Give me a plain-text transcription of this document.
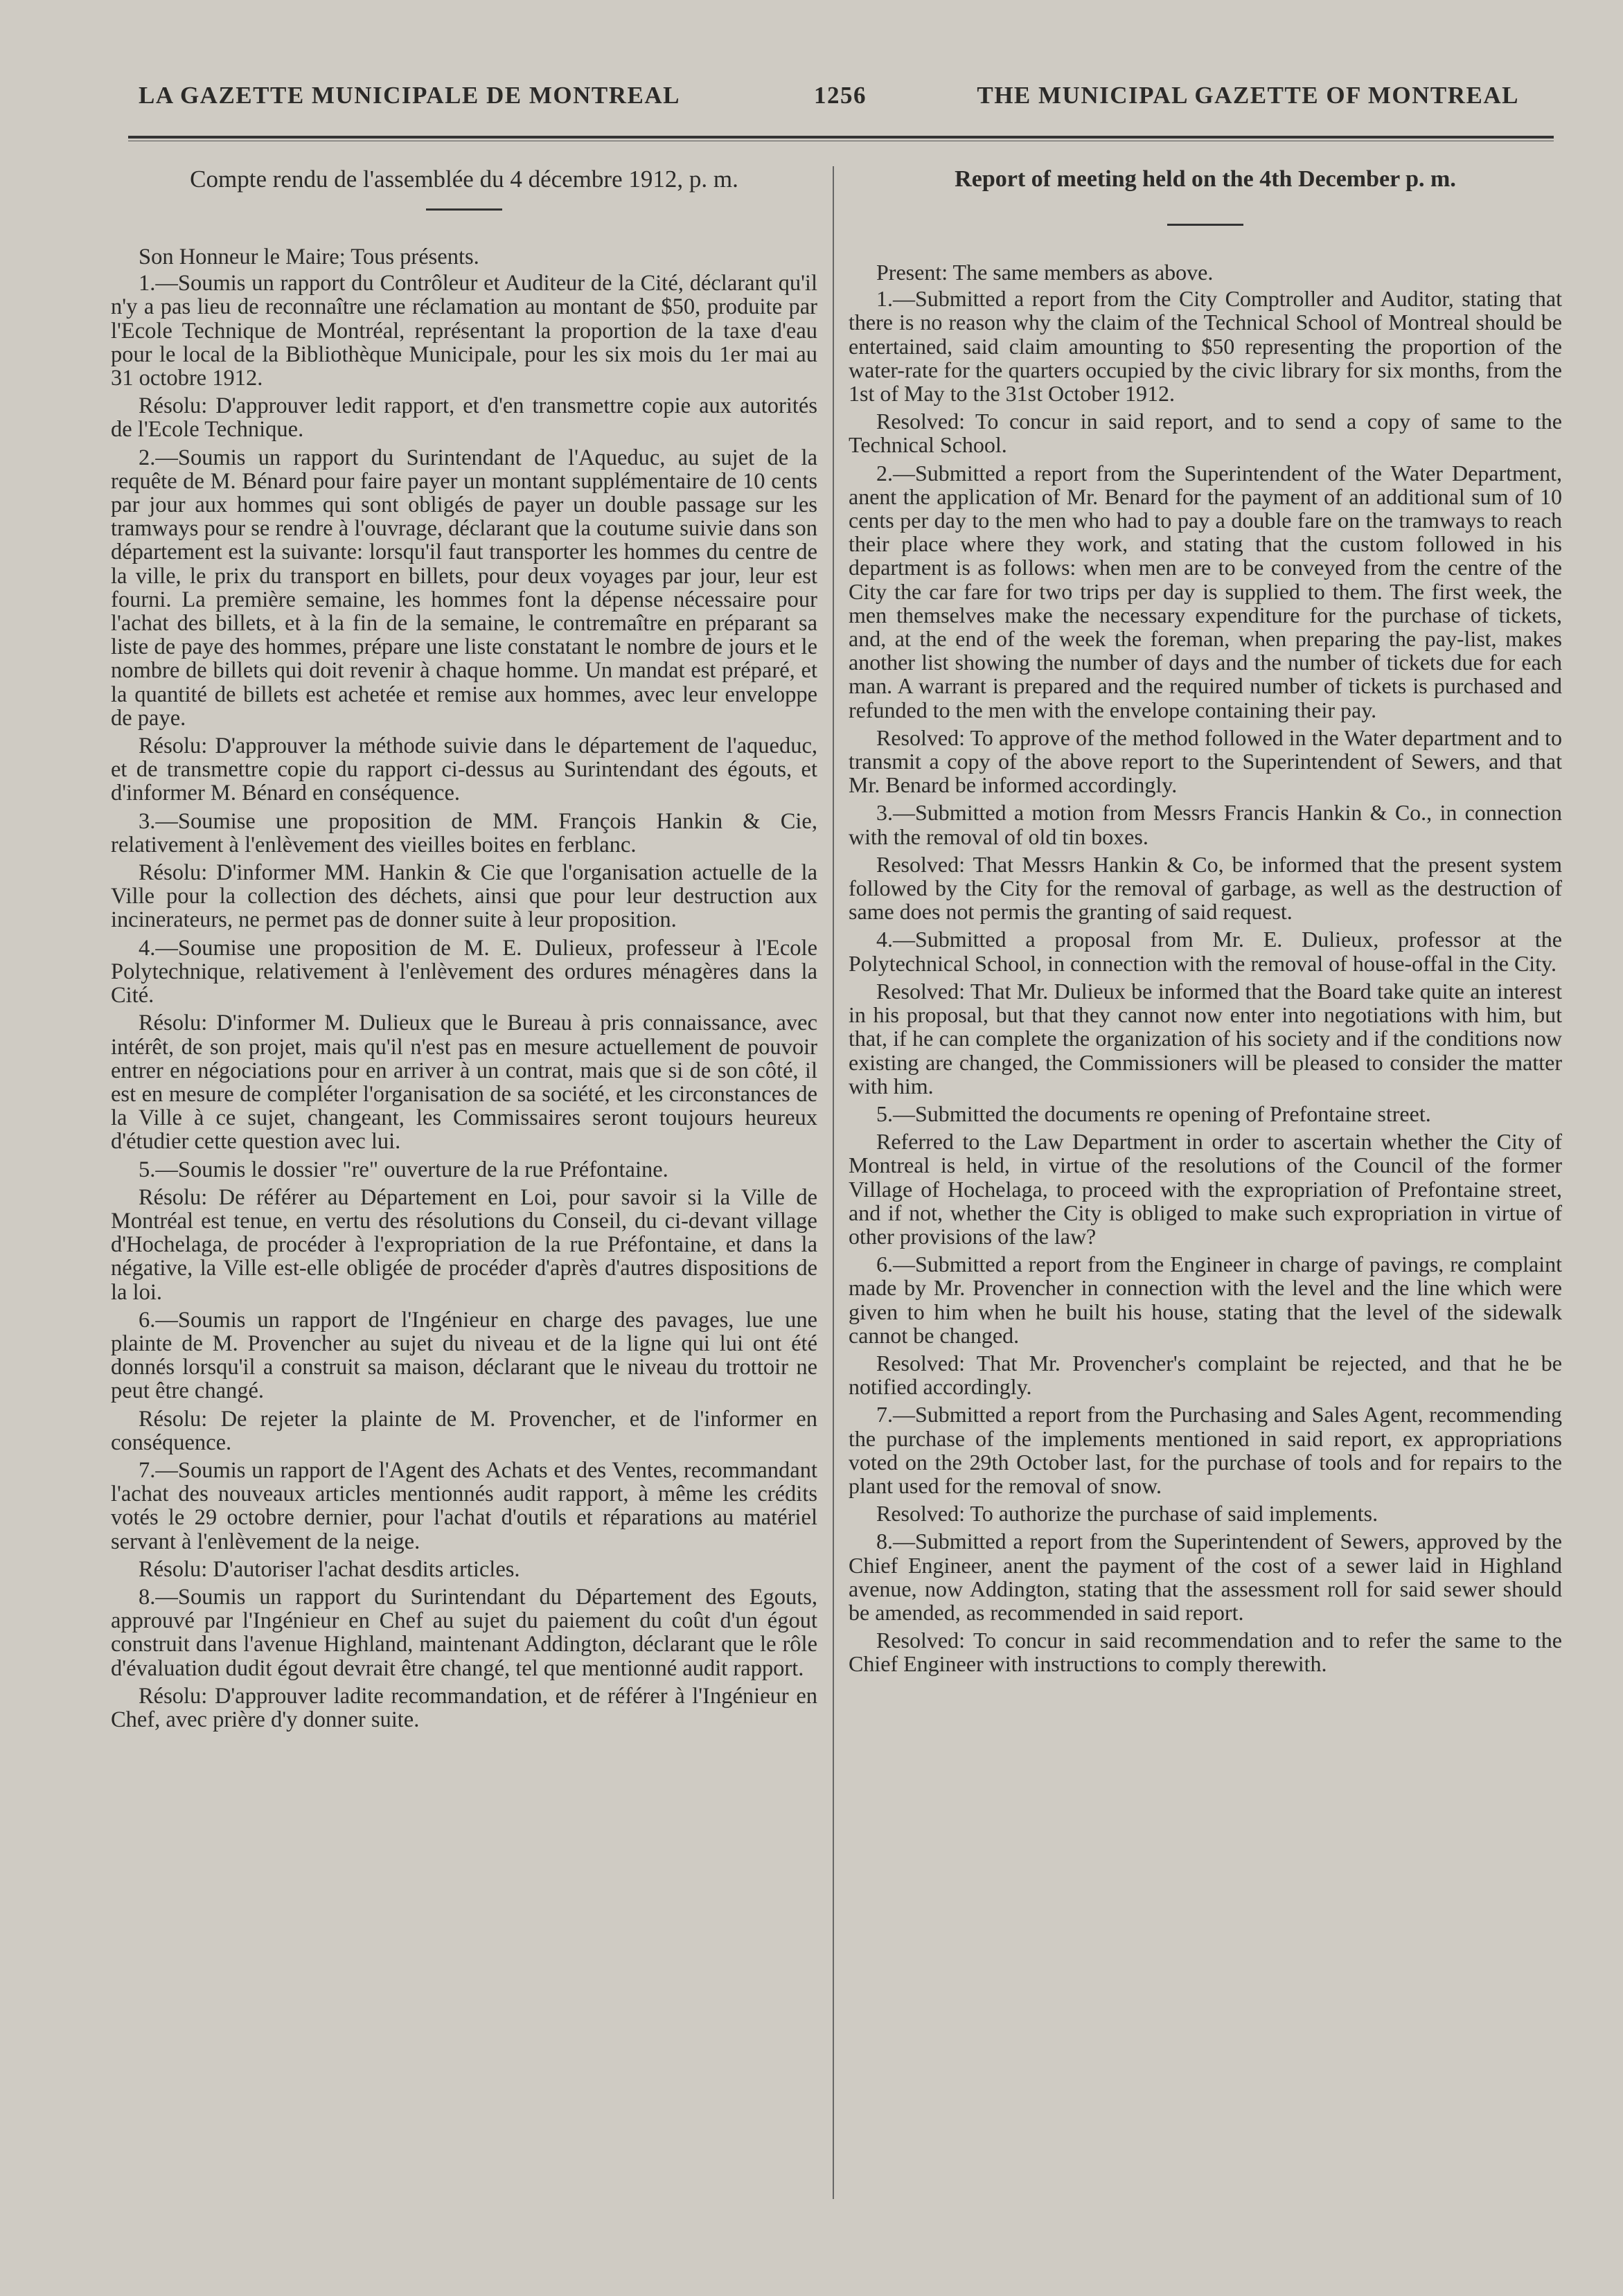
LA GAZETTE MUNICIPALE DE MONTREAL	1256	THE MUNICIPAL GAZETTE OF MONTREAL
Compte rendu de l'assemblée du 4 décembre 1912, p. m.

Son Honneur le Maire; Tous présents.

1.—Soumis un rapport du Contrôleur et Auditeur de la Cité, déclarant qu'il n'y a pas lieu de reconnaître une réclamation au montant de $50, produite par l'Ecole Technique de Montréal, représentant la proportion de la taxe d'eau pour le local de la Bibliothèque Municipale, pour les six mois du 1er mai au 31 octobre 1912.

Résolu: D'approuver ledit rapport, et d'en transmettre copie aux autorités de l'Ecole Technique.

2.—Soumis un rapport du Surintendant de l'Aqueduc, au sujet de la requête de M. Bénard pour faire payer un montant supplémentaire de 10 cents par jour aux hommes qui sont obligés de payer un double passage sur les tramways pour se rendre à l'ouvrage, déclarant que la coutume suivie dans son département est la suivante: lorsqu'il faut transporter les hommes du centre de la ville, le prix du transport en billets, pour deux voyages par jour, leur est fourni. La première semaine, les hommes font la dépense nécessaire pour l'achat des billets, et à la fin de la semaine, le contremaître en préparant sa liste de paye des hommes, prépare une liste constatant le nombre de jours et le nombre de billets qui doit revenir à chaque homme. Un mandat est préparé, et la quantité de billets est achetée et remise aux hommes, avec leur enveloppe de paye.

Résolu: D'approuver la méthode suivie dans le département de l'aqueduc, et de transmettre copie du rapport ci-dessus au Surintendant des égouts, et d'informer M. Bénard en conséquence.

3.—Soumise une proposition de MM. François Hankin & Cie, relativement à l'enlèvement des vieilles boites en ferblanc.

Résolu: D'informer MM. Hankin & Cie que l'organisation actuelle de la Ville pour la collection des déchets, ainsi que pour leur destruction aux incinerateurs, ne permet pas de donner suite à leur proposition.

4.—Soumise une proposition de M. E. Dulieux, professeur à l'Ecole Polytechnique, relativement à l'enlèvement des ordures ménagères dans la Cité.

Résolu: D'informer M. Dulieux que le Bureau à pris connaissance, avec intérêt, de son projet, mais qu'il n'est pas en mesure actuellement de pouvoir entrer en négociations pour en arriver à un contrat, mais que si de son côté, il est en mesure de compléter l'organisation de sa société, et les circonstances de la Ville à ce sujet, changeant, les Commissaires seront toujours heureux d'étudier cette question avec lui.

5.—Soumis le dossier "re" ouverture de la rue Préfontaine.

Résolu: De référer au Département en Loi, pour savoir si la Ville de Montréal est tenue, en vertu des résolutions du Conseil, du ci-devant village d'Hochelaga, de procéder à l'expropriation de la rue Préfontaine, et dans la négative, la Ville est-elle obligée de procéder d'après d'autres dispositions de la loi.

6.—Soumis un rapport de l'Ingénieur en charge des pavages, lue une plainte de M. Provencher au sujet du niveau et de la ligne qui lui ont été donnés lorsqu'il a construit sa maison, déclarant que le niveau du trottoir ne peut être changé.

Résolu: De rejeter la plainte de M. Provencher, et de l'informer en conséquence.

7.—Soumis un rapport de l'Agent des Achats et des Ventes, recommandant l'achat des nouveaux articles mentionnés audit rapport, à même les crédits votés le 29 octobre dernier, pour l'achat d'outils et réparations au matériel servant à l'enlèvement de la neige.

Résolu: D'autoriser l'achat desdits articles.

8.—Soumis un rapport du Surintendant du Département des Egouts, approuvé par l'Ingénieur en Chef au sujet du paiement du coût d'un égout construit dans l'avenue Highland, maintenant Addington, déclarant que le rôle d'évaluation dudit égout devrait être changé, tel que mentionné audit rapport.

Résolu: D'approuver ladite recommandation, et de référer à l'Ingénieur en Chef, avec prière d'y donner suite.

Report of meeting held on the 4th December p. m.

Present: The same members as above.

1.—Submitted a report from the City Comptroller and Auditor, stating that there is no reason why the claim of the Technical School of Montreal should be entertained, said claim amounting to $50 representing the proportion of the water-rate for the quarters occupied by the civic library for six months, from the 1st of May to the 31st October 1912.

Resolved: To concur in said report, and to send a copy of same to the Technical School.

2.—Submitted a report from the Superintendent of the Water Department, anent the application of Mr. Benard for the payment of an additional sum of 10 cents per day to the men who had to pay a double fare on the tramways to reach their place where they work, and stating that the custom followed in his department is as follows: when men are to be conveyed from the centre of the City the car fare for two trips per day is supplied to them. The first week, the men themselves make the necessary expenditure for the purchase of tickets, and, at the end of the week the foreman, when preparing the pay-list, makes another list showing the number of days and the number of tickets due for each man. A warrant is prepared and the required number of tickets is purchased and refunded to the men with the envelope containing their pay.

Resolved: To approve of the method followed in the Water department and to transmit a copy of the above report to the Superintendent of Sewers, and that Mr. Benard be informed accordingly.

3.—Submitted a motion from Messrs Francis Hankin & Co., in connection with the removal of old tin boxes.

Resolved: That Messrs Hankin & Co, be informed that the present system followed by the City for the removal of garbage, as well as the destruction of same does not permis the granting of said request.

4.—Submitted a proposal from Mr. E. Dulieux, professor at the Polytechnical School, in connection with the removal of house-offal in the City.

Resolved: That Mr. Dulieux be informed that the Board take quite an interest in his proposal, but that they cannot now enter into negotiations with him, but that, if he can complete the organization of his society and if the conditions now existing are changed, the Commissioners will be pleased to consider the matter with him.

5.—Submitted the documents re opening of Prefontaine street.

Referred to the Law Department in order to ascertain whether the City of Montreal is held, in virtue of the resolutions of the Council of the former Village of Hochelaga, to proceed with the expropriation of Prefontaine street, and if not, whether the City is obliged to make such expropriation in virtue of other provisions of the law?

6.—Submitted a report from the Engineer in charge of pavings, re complaint made by Mr. Provencher in connection with the level and the line which were given to him when he built his house, stating that the level of the sidewalk cannot be changed.

Resolved: That Mr. Provencher's complaint be rejected, and that he be notified accordingly.

7.—Submitted a report from the Purchasing and Sales Agent, recommending the purchase of the implements mentioned in said report, ex appropriations voted on the 29th October last, for the purchase of tools and for repairs to the plant used for the removal of snow.

Resolved: To authorize the purchase of said implements.

8.—Submitted a report from the Superintendent of Sewers, approved by the Chief Engineer, anent the payment of the cost of a sewer laid in Highland avenue, now Addington, stating that the assessment roll for said sewer should be amended, as recommended in said report.

Resolved: To concur in said recommendation and to refer the same to the Chief Engineer with instructions to comply therewith.
